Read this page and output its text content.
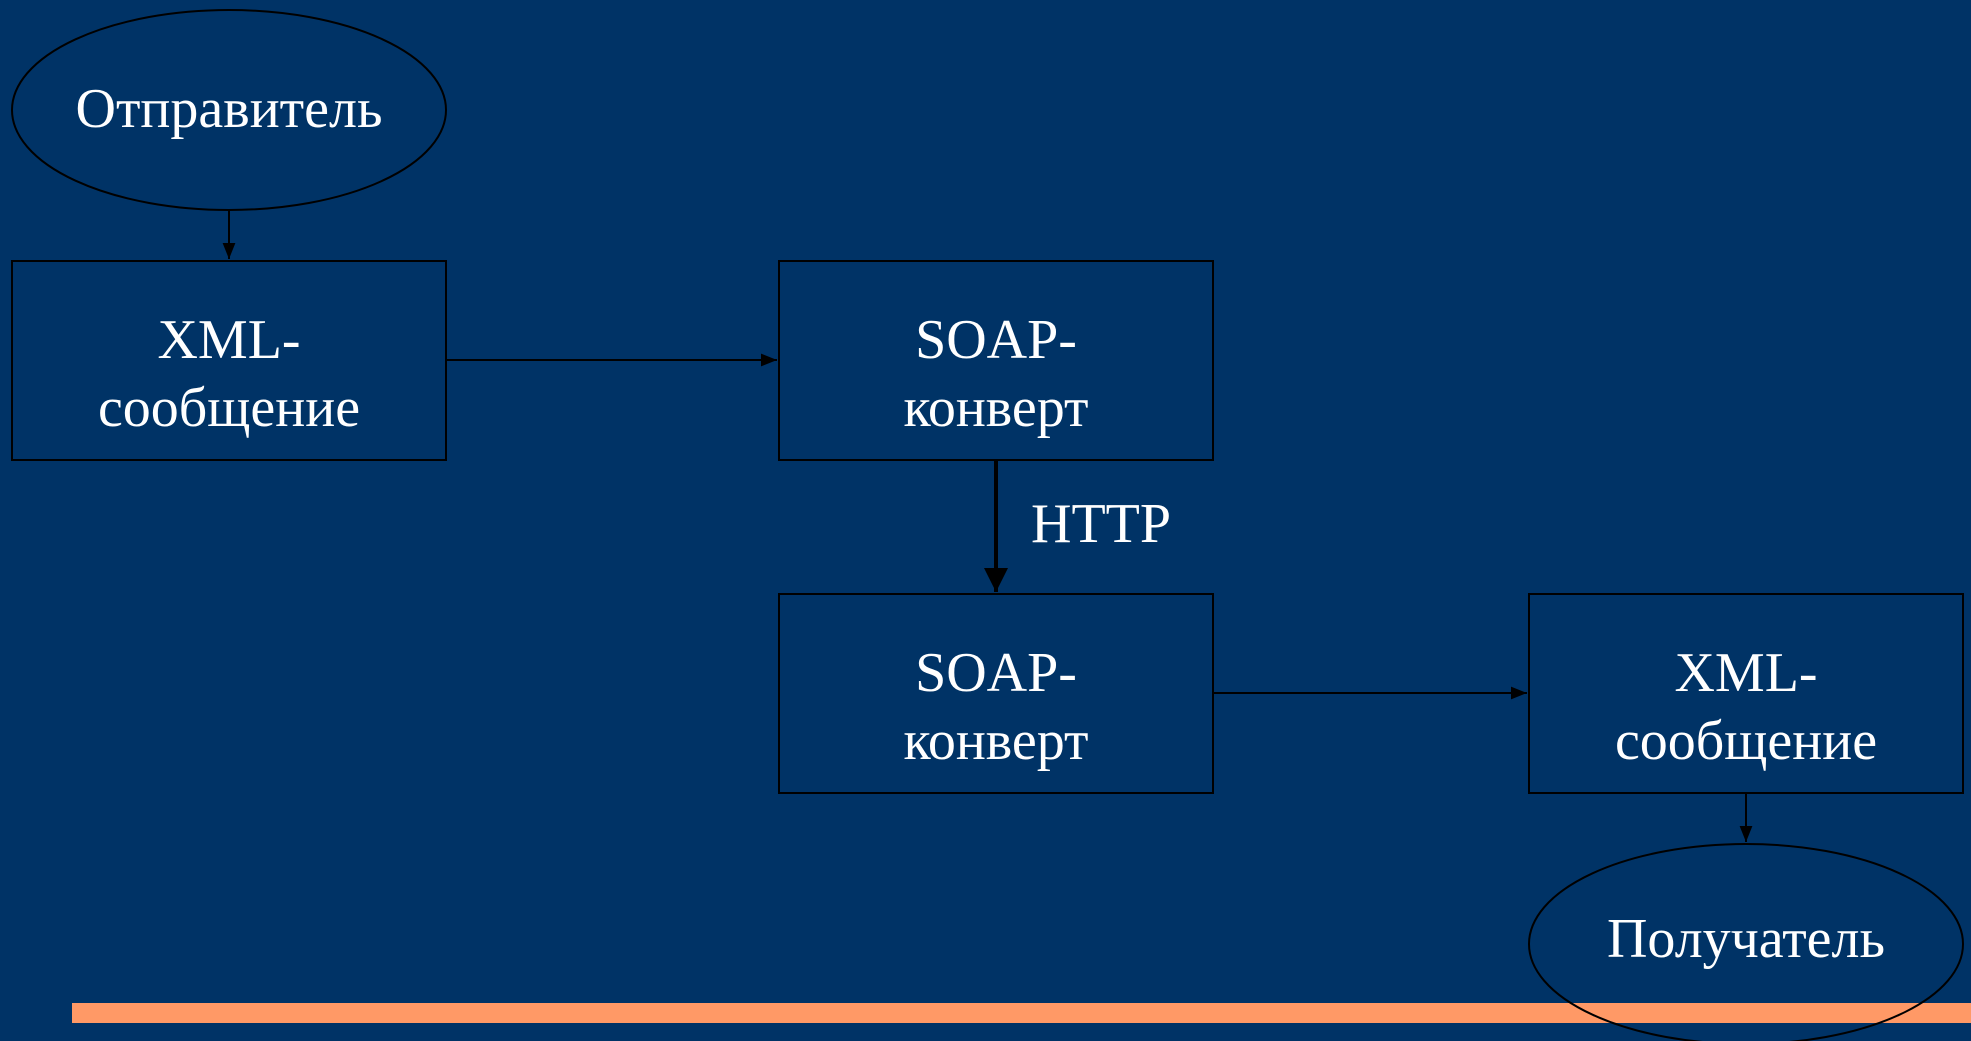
Отправитель
XML-
сообщение
SOAP-
конверт
HTTP
SOAP-
конверт
XML-
сообщение
Получатель
